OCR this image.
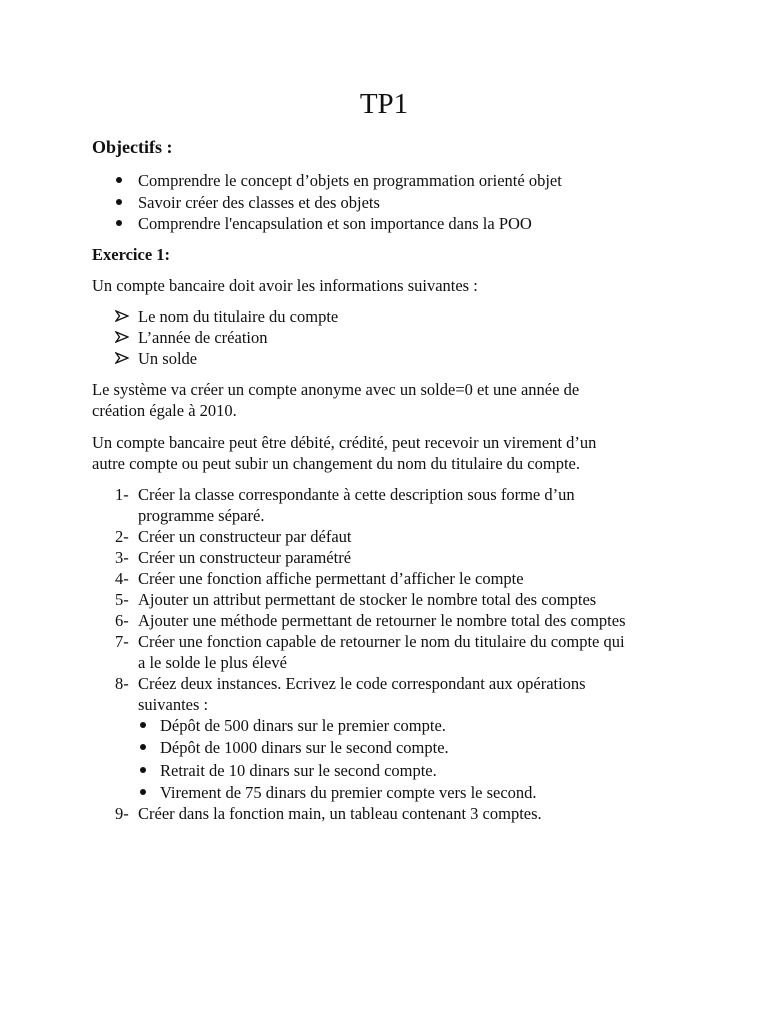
TP1

Objectifs :

Comprendre le concept d’objets en programmation orienté objet

Savoir créer des classes et des objets

Comprendre l'encapsulation et son importance dans la POO

Exercice 1:

Un compte bancaire doit avoir les informations suivantes :

Le nom du titulaire du compte

L’année de création

Un solde

Le système va créer un compte anonyme avec un solde=0 et une année de

création égale à 2010.

Un compte bancaire peut être débité, crédité, peut recevoir un virement d’un

autre compte ou peut subir un changement du nom du titulaire du compte.

1- Créer la classe correspondante à cette description sous forme d’un

programme séparé.

2- Créer un constructeur par défaut

3- Créer un constructeur paramétré

4- Créer une fonction affiche permettant d’afficher le compte

5- Ajouter un attribut permettant de stocker le nombre total des comptes

6- Ajouter une méthode permettant de retourner le nombre total des comptes

7- Créer une fonction capable de retourner le nom du titulaire du compte qui

a le solde le plus élevé

8- Créez deux instances. Ecrivez le code correspondant aux opérations

suivantes :

Dépôt de 500 dinars sur le premier compte.

Dépôt de 1000 dinars sur le second compte.

Retrait de 10 dinars sur le second compte.

Virement de 75 dinars du premier compte vers le second.

9- Créer dans la fonction main, un tableau contenant 3 comptes.
